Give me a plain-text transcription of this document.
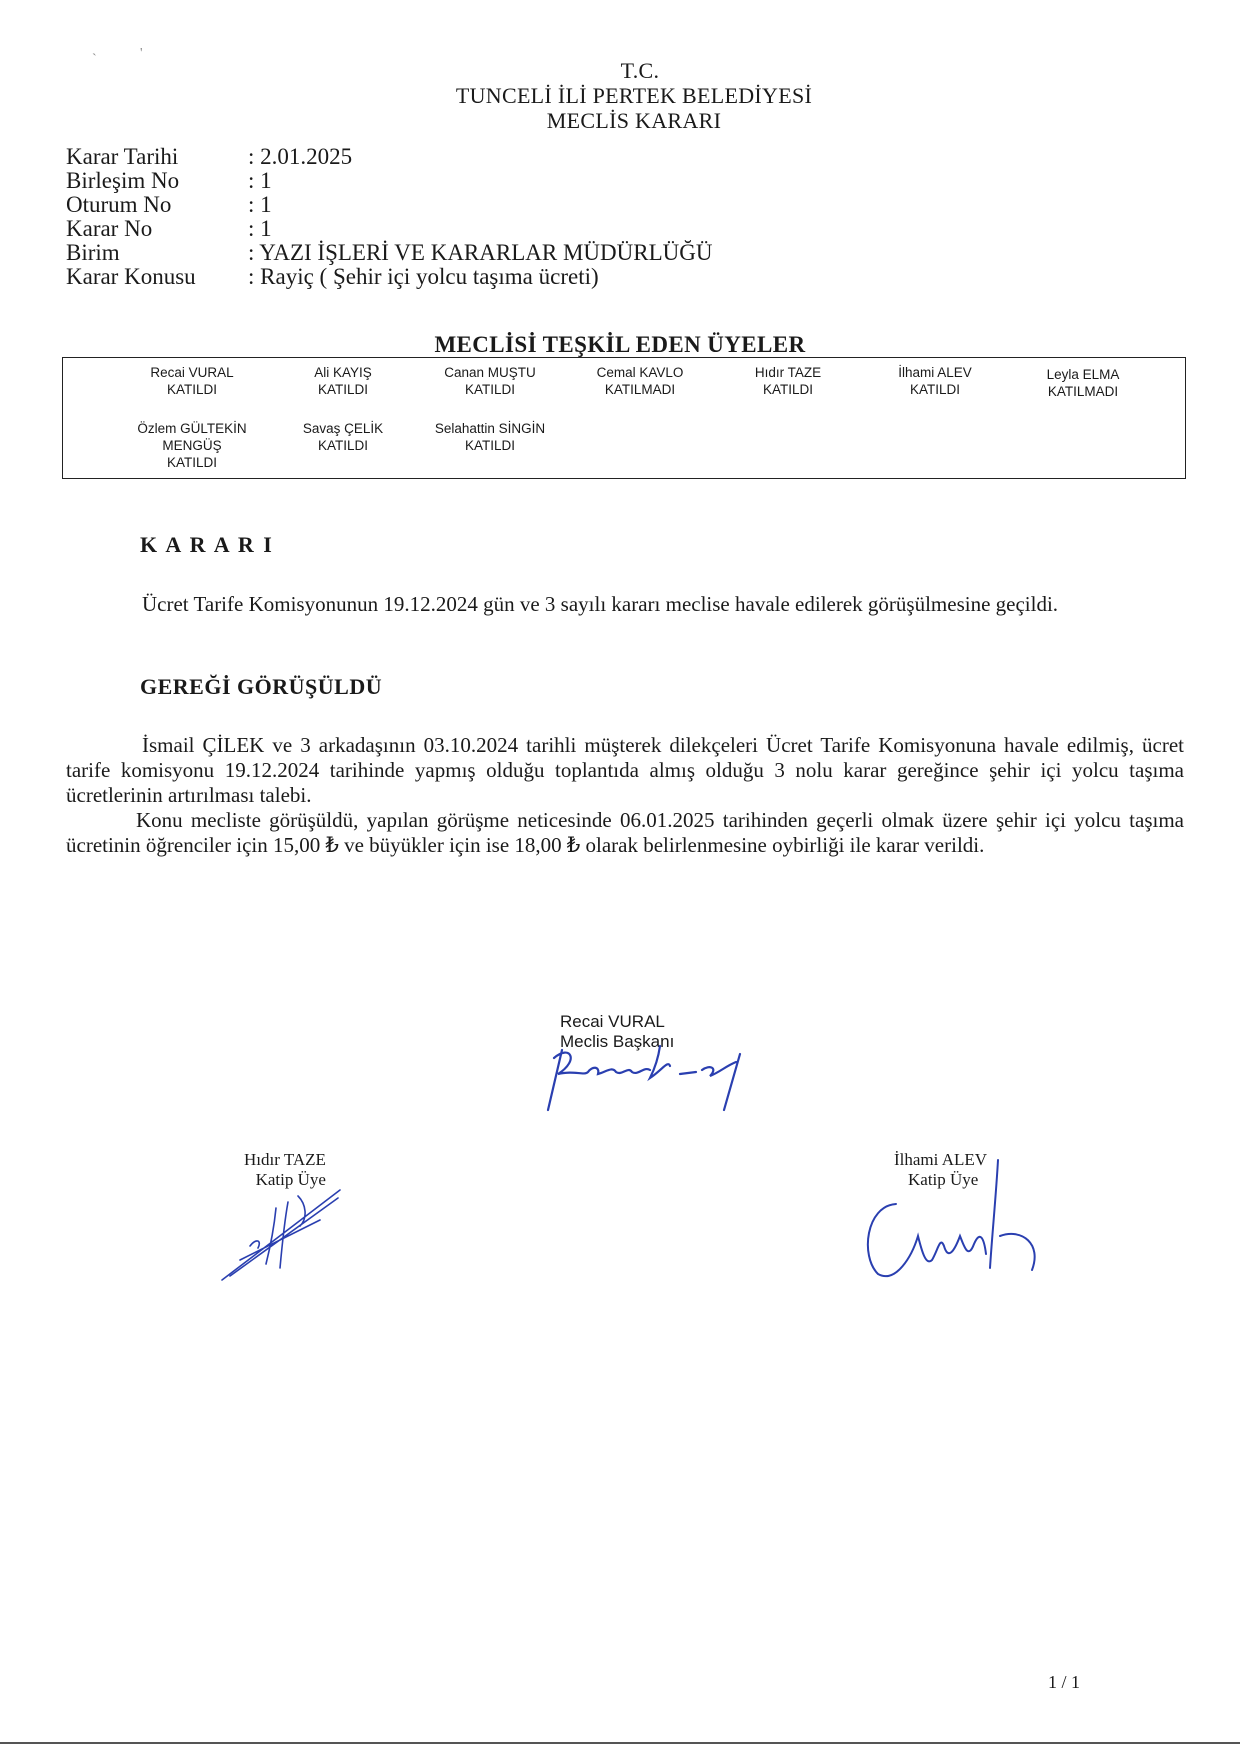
`	'
T.C.
TUNCELİ İLİ PERTEK BELEDİYESİ
MECLİS KARARI
Karar Tarihi	: 2.01.2025
Birleşim No	: 1
Oturum No	: 1
Karar No	: 1
Birim	: YAZI İŞLERİ VE KARARLAR MÜDÜRLÜĞÜ
Karar Konusu	: Rayiç ( Şehir içi yolcu taşıma ücreti)
MECLİSİ TEŞKİL EDEN ÜYELER
Recai VURAL
KATILDI
Ali KAYIŞ
KATILDI
Canan MUŞTU
KATILDI
Cemal KAVLO
KATILMADI
Hıdır TAZE
KATILDI
İlhami ALEV
KATILDI
Leyla ELMA
KATILMADI
Özlem GÜLTEKİN MENGÜŞ
KATILDI
Savaş ÇELİK
KATILDI
Selahattin SİNGİN
KATILDI
K A R A R I

Ücret Tarife Komisyonunun 19.12.2024 gün ve 3 sayılı kararı meclise havale edilerek görüşülmesine geçildi.

GEREĞİ GÖRÜŞÜLDÜ

İsmail ÇİLEK ve 3 arkadaşının 03.10.2024 tarihli müşterek dilekçeleri Ücret Tarife Komisyonuna havale edilmiş, ücret tarife komisyonu 19.12.2024 tarihinde yapmış olduğu toplantıda almış olduğu 3 nolu karar gereğince şehir içi yolcu taşıma ücretlerinin artırılması talebi.

Konu mecliste görüşüldü, yapılan görüşme neticesinde 06.01.2025 tarihinden geçerli olmak üzere şehir içi yolcu taşıma ücretinin öğrenciler için 15,00 ₺ ve büyükler için ise 18,00 ₺ olarak belirlenmesine oybirliği ile karar verildi.

Recai VURAL
Meclis Başkanı
Hıdır TAZE
Katip Üye
İlhami ALEV
Katip Üye
1 / 1
